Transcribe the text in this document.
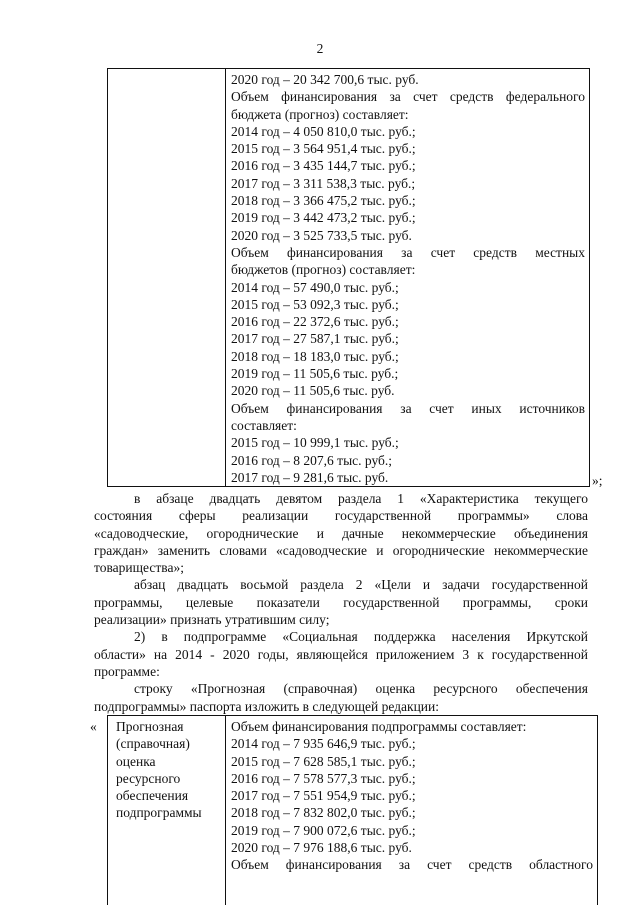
2
2020 год – 20 342 700,6 тыс. руб.
Объем финансирования за счет средств федерального
бюджета (прогноз) составляет:
2014 год – 4 050 810,0 тыс. руб.;
2015 год – 3 564 951,4 тыс. руб.;
2016 год – 3 435 144,7 тыс. руб.;
2017 год – 3 311 538,3 тыс. руб.;
2018 год – 3 366 475,2 тыс. руб.;
2019 год – 3 442 473,2 тыс. руб.;
2020 год – 3 525 733,5 тыс. руб.
Объем финансирования за счет средств местных
бюджетов (прогноз) составляет:
2014 год – 57 490,0 тыс. руб.;
2015 год – 53 092,3 тыс. руб.;
2016 год – 22 372,6 тыс. руб.;
2017 год – 27 587,1 тыс. руб.;
2018 год – 18 183,0 тыс. руб.;
2019 год – 11 505,6 тыс. руб.;
2020 год – 11 505,6 тыс. руб.
Объем финансирования за счет иных источников
составляет:
2015 год – 10 999,1 тыс. руб.;
2016 год – 8 207,6 тыс. руб.;
2017 год – 9 281,6 тыс. руб.	»;
в абзаце двадцать девятом раздела 1 «Характеристика текущего
состояния сферы реализации государственной программы» слова
«садоводческие, огороднические и дачные некоммерческие объединения
граждан» заменить словами «садоводческие и огороднические некоммерческие
товарищества»;
абзац двадцать восьмой раздела 2 «Цели и задачи государственной
программы, целевые показатели государственной программы, сроки
реализации» признать утратившим силу;
2) в подпрограмме «Социальная поддержка населения Иркутской
области» на 2014 - 2020 годы, являющейся приложением 3 к государственной
программе:
строку «Прогнозная (справочная) оценка ресурсного обеспечения
подпрограммы» паспорта изложить в следующей редакции:
« Прогнозная
(справочная)
оценка
ресурсного
обеспечения
подпрограммы
Объем финансирования подпрограммы составляет:
2014 год – 7 935 646,9 тыс. руб.;
2015 год – 7 628 585,1 тыс. руб.;
2016 год – 7 578 577,3 тыс. руб.;
2017 год – 7 551 954,9 тыс. руб.;
2018 год – 7 832 802,0 тыс. руб.;
2019 год – 7 900 072,6 тыс. руб.;
2020 год – 7 976 188,6 тыс. руб.
Объем финансирования за счет средств областного
